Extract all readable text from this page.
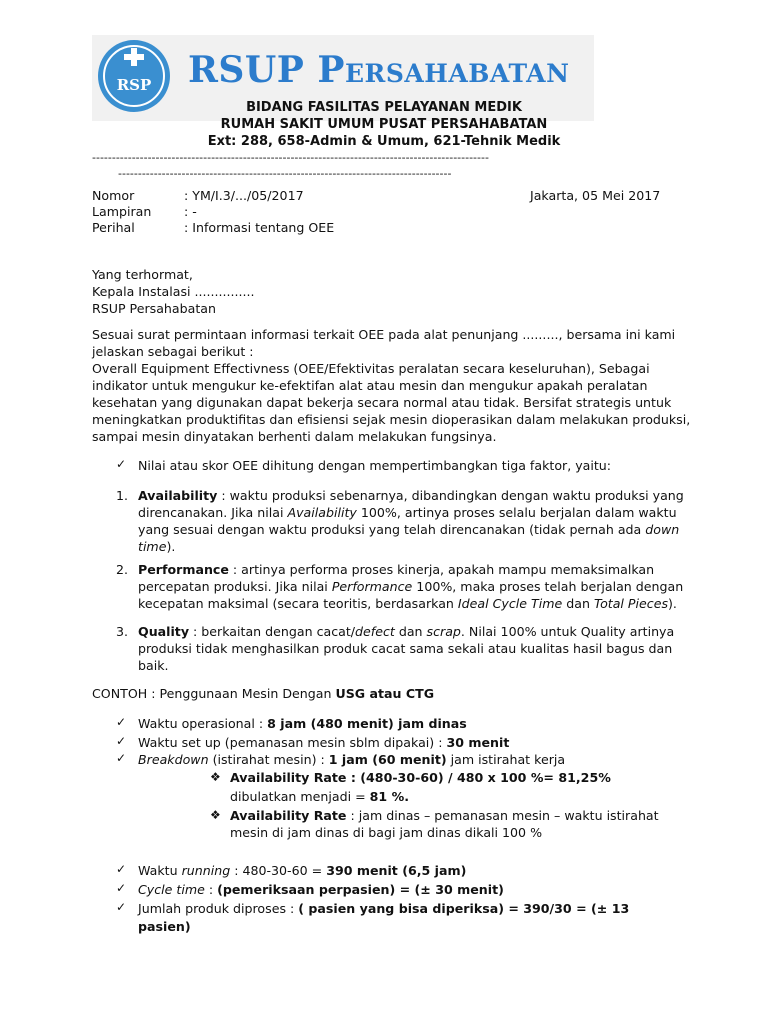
RSP RSUP Persahabatan
BIDANG FASILITAS PELAYANAN MEDIK
RUMAH SAKIT UMUM PUSAT PERSAHABATAN
Ext: 288, 658-Admin & Umum, 621-Tehnik Medik
----------------------------------------------------------------------------------------------------
------------------------------------------------------------------------------------
Nomor	: YM/I.3/.../05/2017	Jakarta, 05 Mei 2017
Lampiran	: -
Perihal	: Informasi tentang OEE
Yang terhormat,
Kepala Instalasi ...............
RSUP Persahabatan
Sesuai surat permintaan informasi terkait OEE pada alat penunjang ........., bersama ini kami
jelaskan sebagai berikut :
Overall Equipment Effectivness (OEE/Efektivitas peralatan secara keseluruhan), Sebagai
indikator untuk mengukur ke-efektifan alat atau mesin dan mengukur apakah peralatan
kesehatan yang digunakan dapat bekerja secara normal atau tidak. Bersifat strategis untuk
meningkatkan produktifitas dan efisiensi sejak mesin dioperasikan dalam melakukan produksi,
sampai mesin dinyatakan berhenti dalam melakukan fungsinya.
✓ Nilai atau skor OEE dihitung dengan mempertimbangkan tiga faktor, yaitu:
1. Availability : waktu produksi sebenarnya, dibandingkan dengan waktu produksi yang
direncanakan. Jika nilai Availability 100%, artinya proses selalu berjalan dalam waktu
yang sesuai dengan waktu produksi yang telah direncanakan (tidak pernah ada down
time).
2. Performance : artinya performa proses kinerja, apakah mampu memaksimalkan
percepatan produksi. Jika nilai Performance 100%, maka proses telah berjalan dengan
kecepatan maksimal (secara teoritis, berdasarkan Ideal Cycle Time dan Total Pieces).
3. Quality : berkaitan dengan cacat/defect dan scrap. Nilai 100% untuk Quality artinya
produksi tidak menghasilkan produk cacat sama sekali atau kualitas hasil bagus dan
baik.
CONTOH : Penggunaan Mesin Dengan USG atau CTG
✓ Waktu operasional : 8 jam (480 menit) jam dinas
✓ Waktu set up (pemanasan mesin sblm dipakai) : 30 menit
✓ Breakdown (istirahat mesin) : 1 jam (60 menit) jam istirahat kerja
❖ Availability Rate : (480-30-60) / 480 x 100 %= 81,25%
dibulatkan menjadi = 81 %.
❖ Availability Rate : jam dinas – pemanasan mesin – waktu istirahat
mesin di jam dinas di bagi jam dinas dikali 100 %
✓ Waktu running : 480-30-60 = 390 menit (6,5 jam)
✓ Cycle time : (pemeriksaan perpasien) = (± 30 menit)
✓ Jumlah produk diproses : ( pasien yang bisa diperiksa) = 390/30 = (± 13
pasien)
